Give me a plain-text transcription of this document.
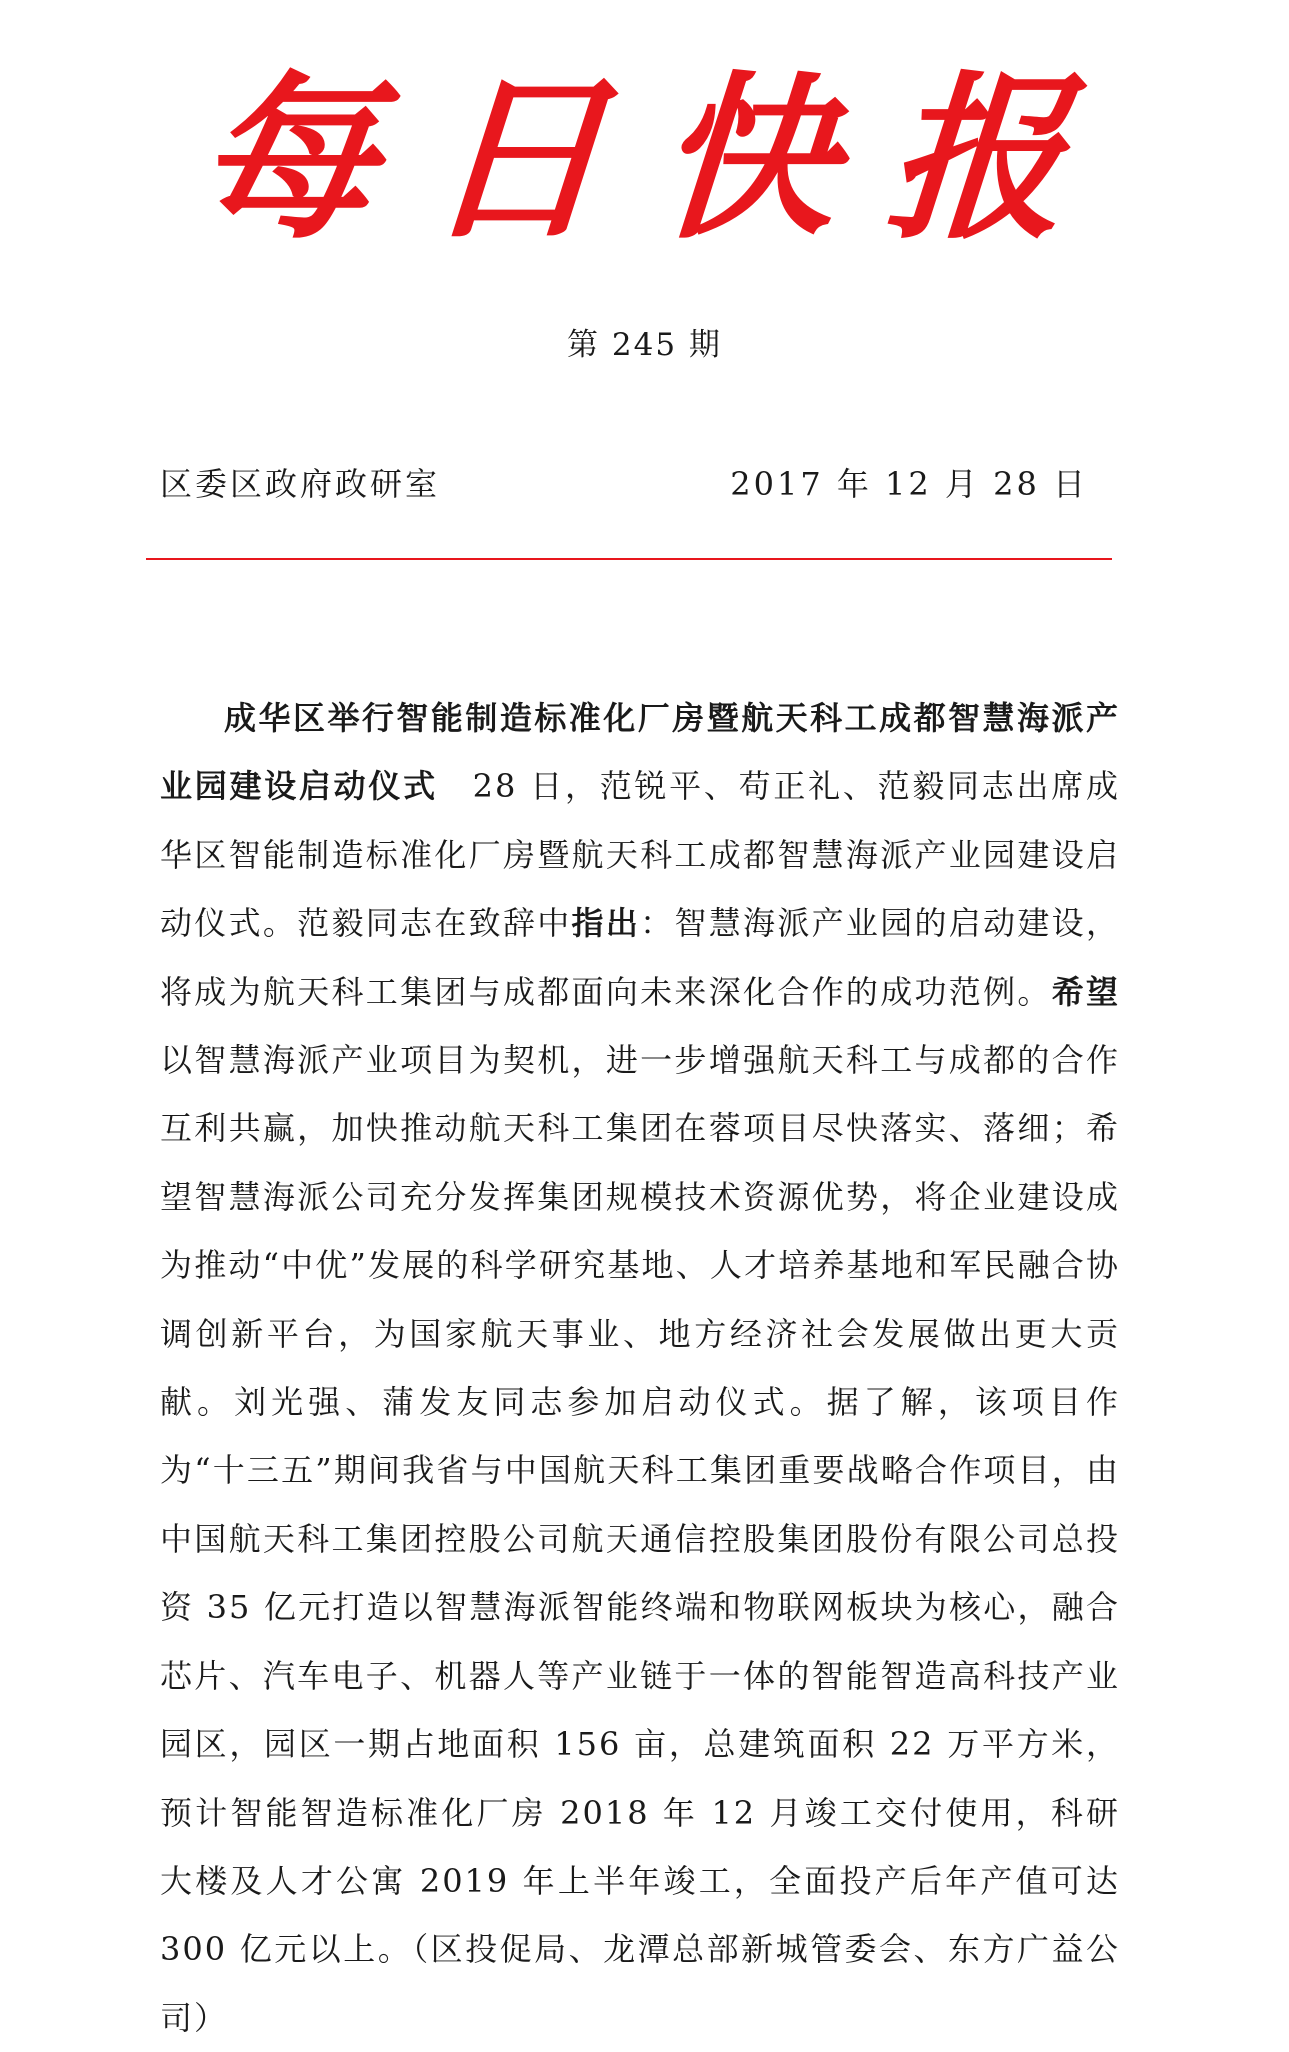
每日快报
第 245 期
区委区政府政研室	2017 年 12 月 28 日

成华区举行智能制造标准化厂房暨航天科工成都智慧海派产业园建设启动仪式　28 日，范锐平、苟正礼、范毅同志出席成华区智能制造标准化厂房暨航天科工成都智慧海派产业园建设启动仪式。范毅同志在致辞中指出：智慧海派产业园的启动建设，将成为航天科工集团与成都面向未来深化合作的成功范例。希望以智慧海派产业项目为契机，进一步增强航天科工与成都的合作互利共赢，加快推动航天科工集团在蓉项目尽快落实、落细；希望智慧海派公司充分发挥集团规模技术资源优势，将企业建设成为推动“中优”发展的科学研究基地、人才培养基地和军民融合协调创新平台，为国家航天事业、地方经济社会发展做出更大贡献。刘光强、蒲发友同志参加启动仪式。据了解，该项目作为“十三五”期间我省与中国航天科工集团重要战略合作项目，由中国航天科工集团控股公司航天通信控股集团股份有限公司总投资 35 亿元打造以智慧海派智能终端和物联网板块为核心，融合芯片、汽车电子、机器人等产业链于一体的智能智造高科技产业园区，园区一期占地面积 156 亩，总建筑面积 22 万平方米，预计智能智造标准化厂房 2018 年 12 月竣工交付使用，科研大楼及人才公寓 2019 年上半年竣工，全面投产后年产值可达 300 亿元以上。（区投促局、龙潭总部新城管委会、东方广益公司）
